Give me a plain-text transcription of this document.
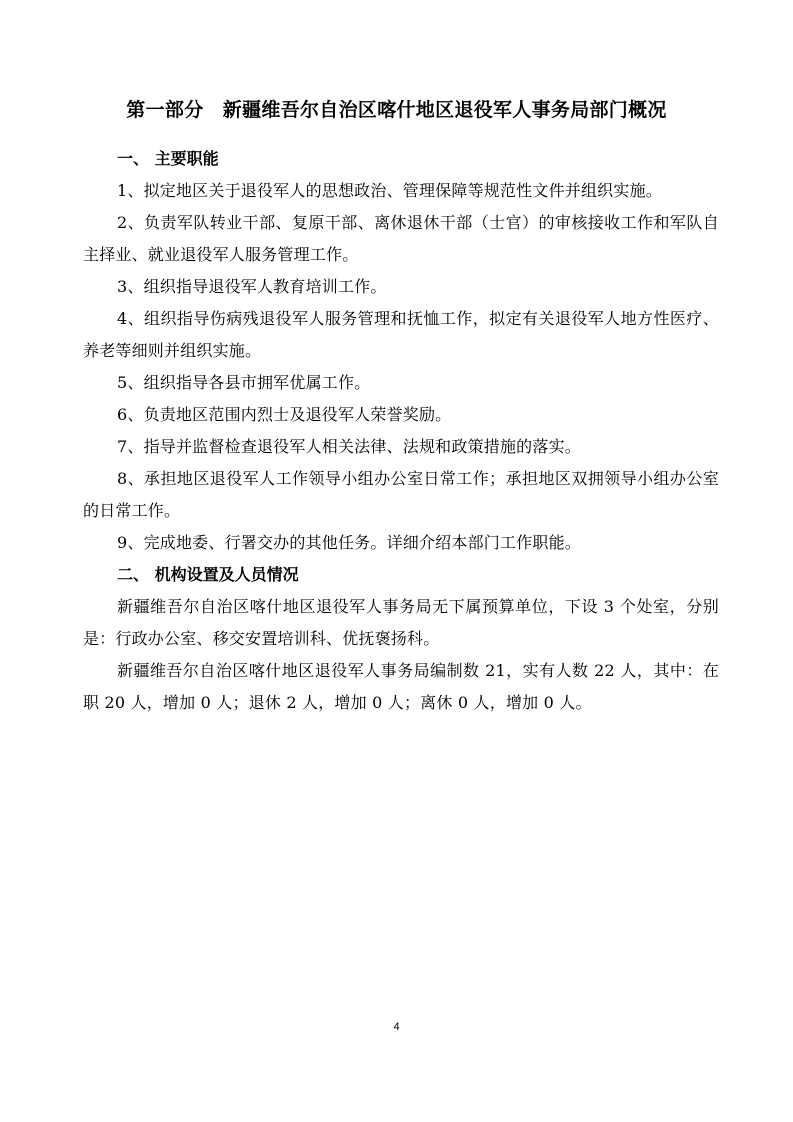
第一部分　新疆维吾尔自治区喀什地区退役军人事务局部门概况
一、 主要职能

1、拟定地区关于退役军人的思想政治、管理保障等规范性文件并组织实施。

2、负责军队转业干部、复原干部、离休退休干部（士官）的审核接收工作和军队自主择业、就业退役军人服务管理工作。

3、组织指导退役军人教育培训工作。

4、组织指导伤病残退役军人服务管理和抚恤工作，拟定有关退役军人地方性医疗、养老等细则并组织实施。

5、组织指导各县市拥军优属工作。

6、负责地区范围内烈士及退役军人荣誉奖励。

7、指导并监督检查退役军人相关法律、法规和政策措施的落实。

8、承担地区退役军人工作领导小组办公室日常工作；承担地区双拥领导小组办公室的日常工作。

9、完成地委、行署交办的其他任务。详细介绍本部门工作职能。

二、 机构设置及人员情况

新疆维吾尔自治区喀什地区退役军人事务局无下属预算单位，下设 3 个处室，分别是：行政办公室、移交安置培训科、优抚褒扬科。

新疆维吾尔自治区喀什地区退役军人事务局编制数 21，实有人数 22 人，其中：在职 20 人，增加 0 人；退休 2 人，增加 0 人；离休 0 人，增加 0 人。

4
